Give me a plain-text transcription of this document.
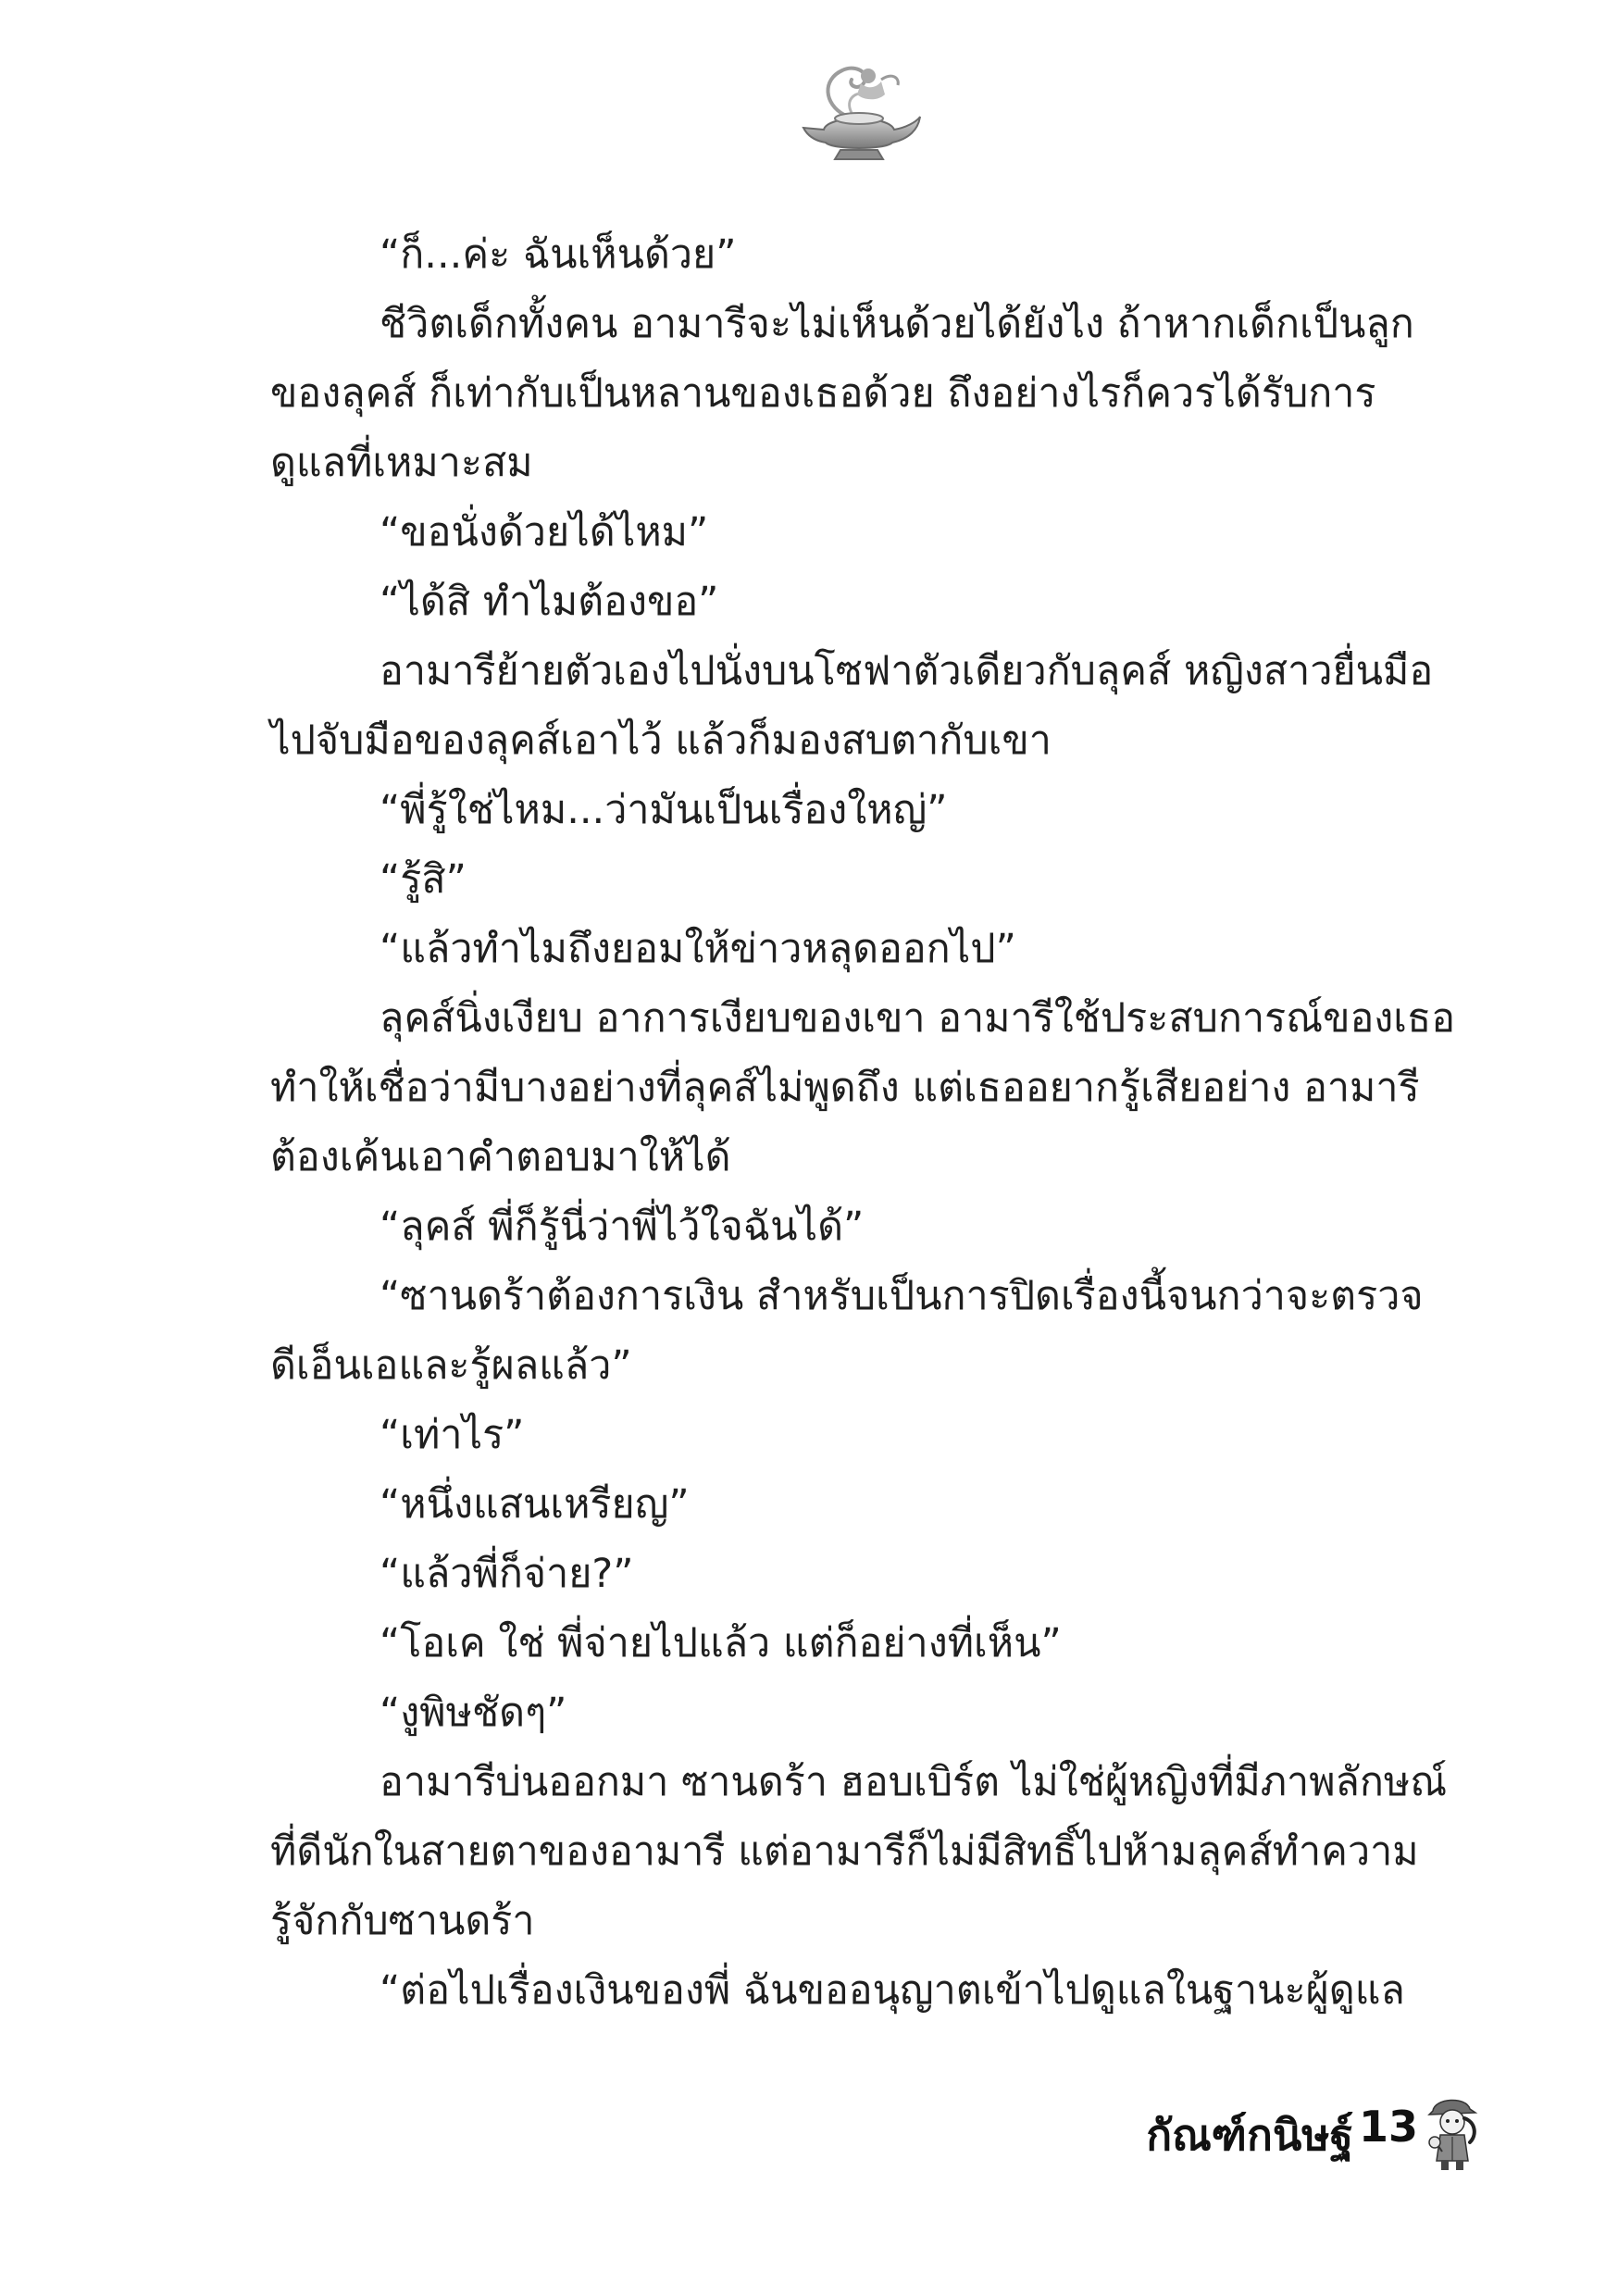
“ก็...ค่ะ ฉันเห็นด้วย”
ชีวิตเด็กทั้งคน อามารีจะไม่เห็นด้วยได้ยังไง ถ้าหากเด็กเป็นลูก
ของลุคส์ ก็เท่ากับเป็นหลานของเธอด้วย ถึงอย่างไรก็ควรได้รับการ
ดูแลที่เหมาะสม
“ขอนั่งด้วยได้ไหม”
“ได้สิ ทำไมต้องขอ”
อามารีย้ายตัวเองไปนั่งบนโซฟาตัวเดียวกับลุคส์ หญิงสาวยื่นมือ
ไปจับมือของลุคส์เอาไว้ แล้วก็มองสบตากับเขา
“พี่รู้ใช่ไหม...ว่ามันเป็นเรื่องใหญ่”
“รู้สิ”
“แล้วทำไมถึงยอมให้ข่าวหลุดออกไป”
ลุคส์นิ่งเงียบ อาการเงียบของเขา อามารีใช้ประสบการณ์ของเธอ
ทำให้เชื่อว่ามีบางอย่างที่ลุคส์ไม่พูดถึง แต่เธออยากรู้เสียอย่าง อามารี
ต้องเค้นเอาคำตอบมาให้ได้
“ลุคส์ พี่ก็รู้นี่ว่าพี่ไว้ใจฉันได้”
“ซานดร้าต้องการเงิน สำหรับเป็นการปิดเรื่องนี้จนกว่าจะตรวจ
ดีเอ็นเอและรู้ผลแล้ว”
“เท่าไร”
“หนึ่งแสนเหรียญ”
“แล้วพี่ก็จ่าย?”
“โอเค ใช่ พี่จ่ายไปแล้ว แต่ก็อย่างที่เห็น”
“งูพิษชัดๆ”
อามารีบ่นออกมา ซานดร้า ฮอบเบิร์ต ไม่ใช่ผู้หญิงที่มีภาพลักษณ์
ที่ดีนักในสายตาของอามารี แต่อามารีก็ไม่มีสิทธิ์ไปห้ามลุคส์ทำความ
รู้จักกับซานดร้า
“ต่อไปเรื่องเงินของพี่ ฉันขออนุญาตเข้าไปดูแลในฐานะผู้ดูแล
กัณฑ์กนิษฐ์ 13
